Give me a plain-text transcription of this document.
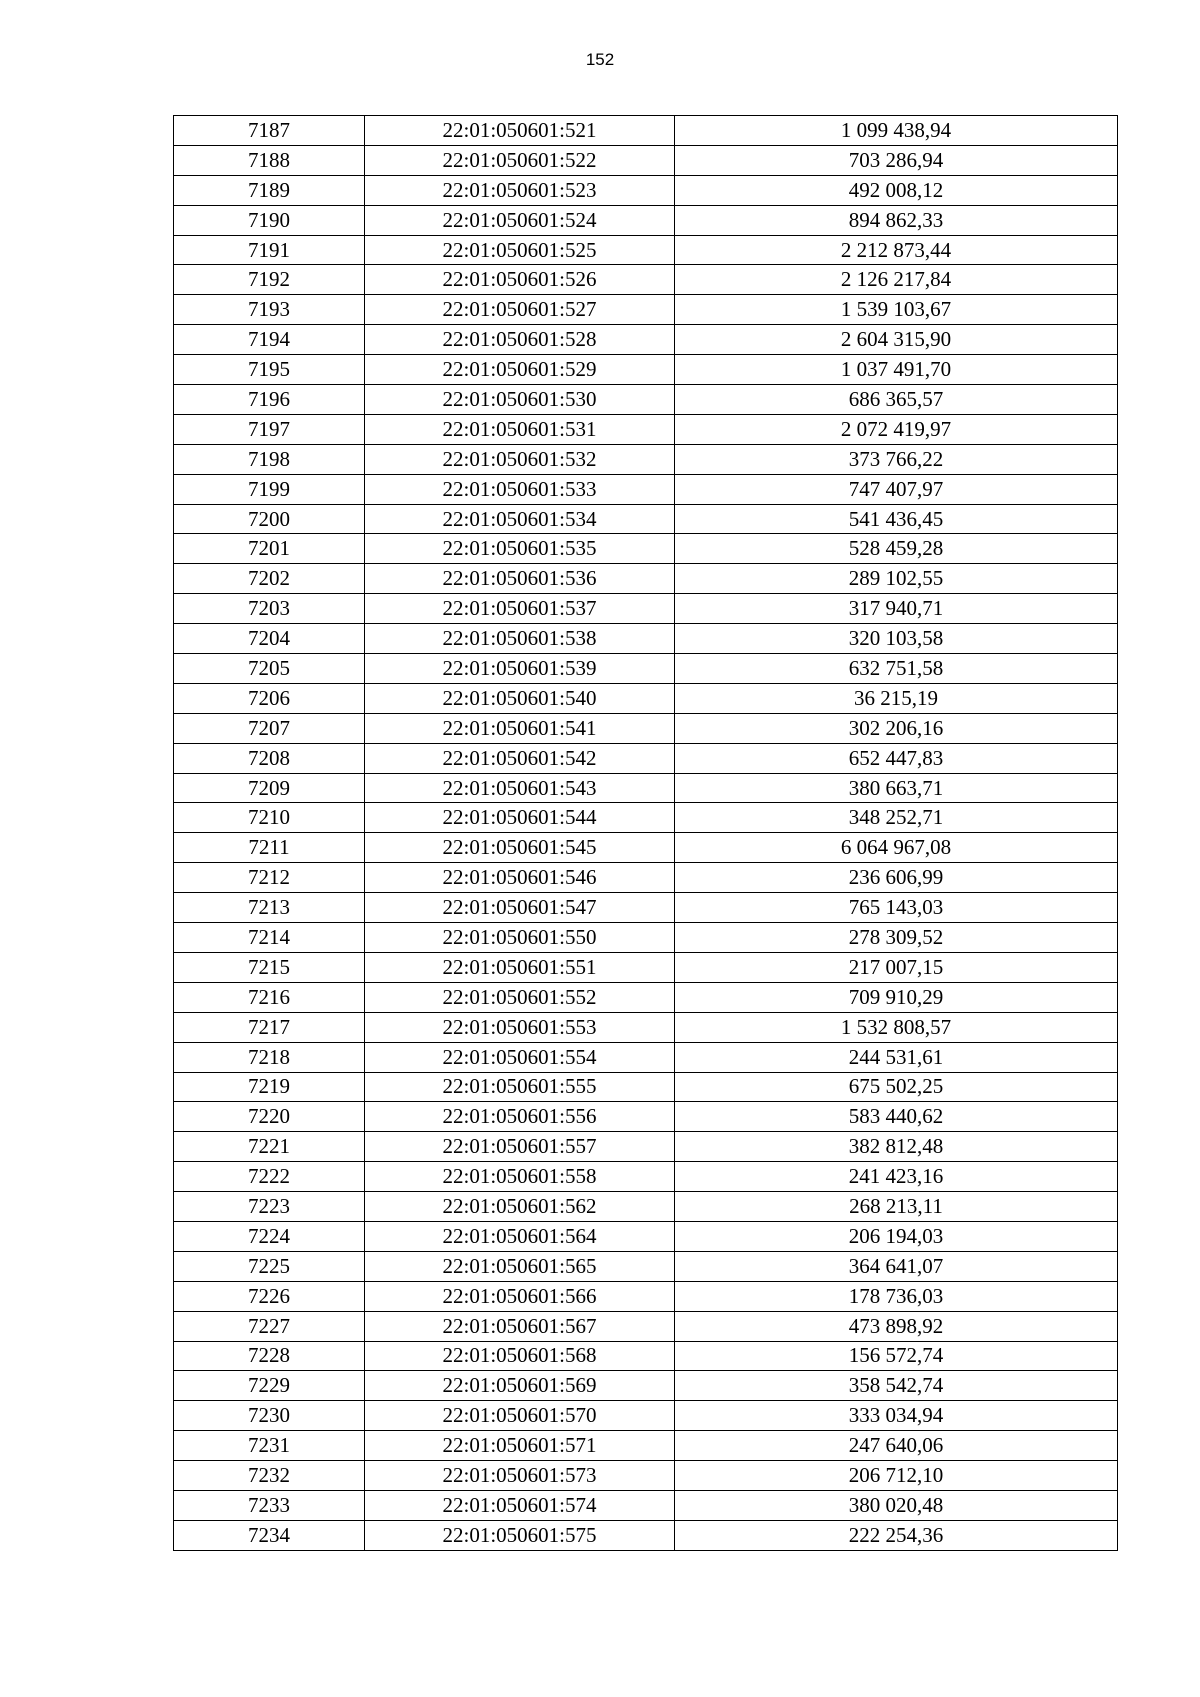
152
7187	22:01:050601:521	1 099 438,94
7188	22:01:050601:522	703 286,94
7189	22:01:050601:523	492 008,12
7190	22:01:050601:524	894 862,33
7191	22:01:050601:525	2 212 873,44
7192	22:01:050601:526	2 126 217,84
7193	22:01:050601:527	1 539 103,67
7194	22:01:050601:528	2 604 315,90
7195	22:01:050601:529	1 037 491,70
7196	22:01:050601:530	686 365,57
7197	22:01:050601:531	2 072 419,97
7198	22:01:050601:532	373 766,22
7199	22:01:050601:533	747 407,97
7200	22:01:050601:534	541 436,45
7201	22:01:050601:535	528 459,28
7202	22:01:050601:536	289 102,55
7203	22:01:050601:537	317 940,71
7204	22:01:050601:538	320 103,58
7205	22:01:050601:539	632 751,58
7206	22:01:050601:540	36 215,19
7207	22:01:050601:541	302 206,16
7208	22:01:050601:542	652 447,83
7209	22:01:050601:543	380 663,71
7210	22:01:050601:544	348 252,71
7211	22:01:050601:545	6 064 967,08
7212	22:01:050601:546	236 606,99
7213	22:01:050601:547	765 143,03
7214	22:01:050601:550	278 309,52
7215	22:01:050601:551	217 007,15
7216	22:01:050601:552	709 910,29
7217	22:01:050601:553	1 532 808,57
7218	22:01:050601:554	244 531,61
7219	22:01:050601:555	675 502,25
7220	22:01:050601:556	583 440,62
7221	22:01:050601:557	382 812,48
7222	22:01:050601:558	241 423,16
7223	22:01:050601:562	268 213,11
7224	22:01:050601:564	206 194,03
7225	22:01:050601:565	364 641,07
7226	22:01:050601:566	178 736,03
7227	22:01:050601:567	473 898,92
7228	22:01:050601:568	156 572,74
7229	22:01:050601:569	358 542,74
7230	22:01:050601:570	333 034,94
7231	22:01:050601:571	247 640,06
7232	22:01:050601:573	206 712,10
7233	22:01:050601:574	380 020,48
7234	22:01:050601:575	222 254,36
